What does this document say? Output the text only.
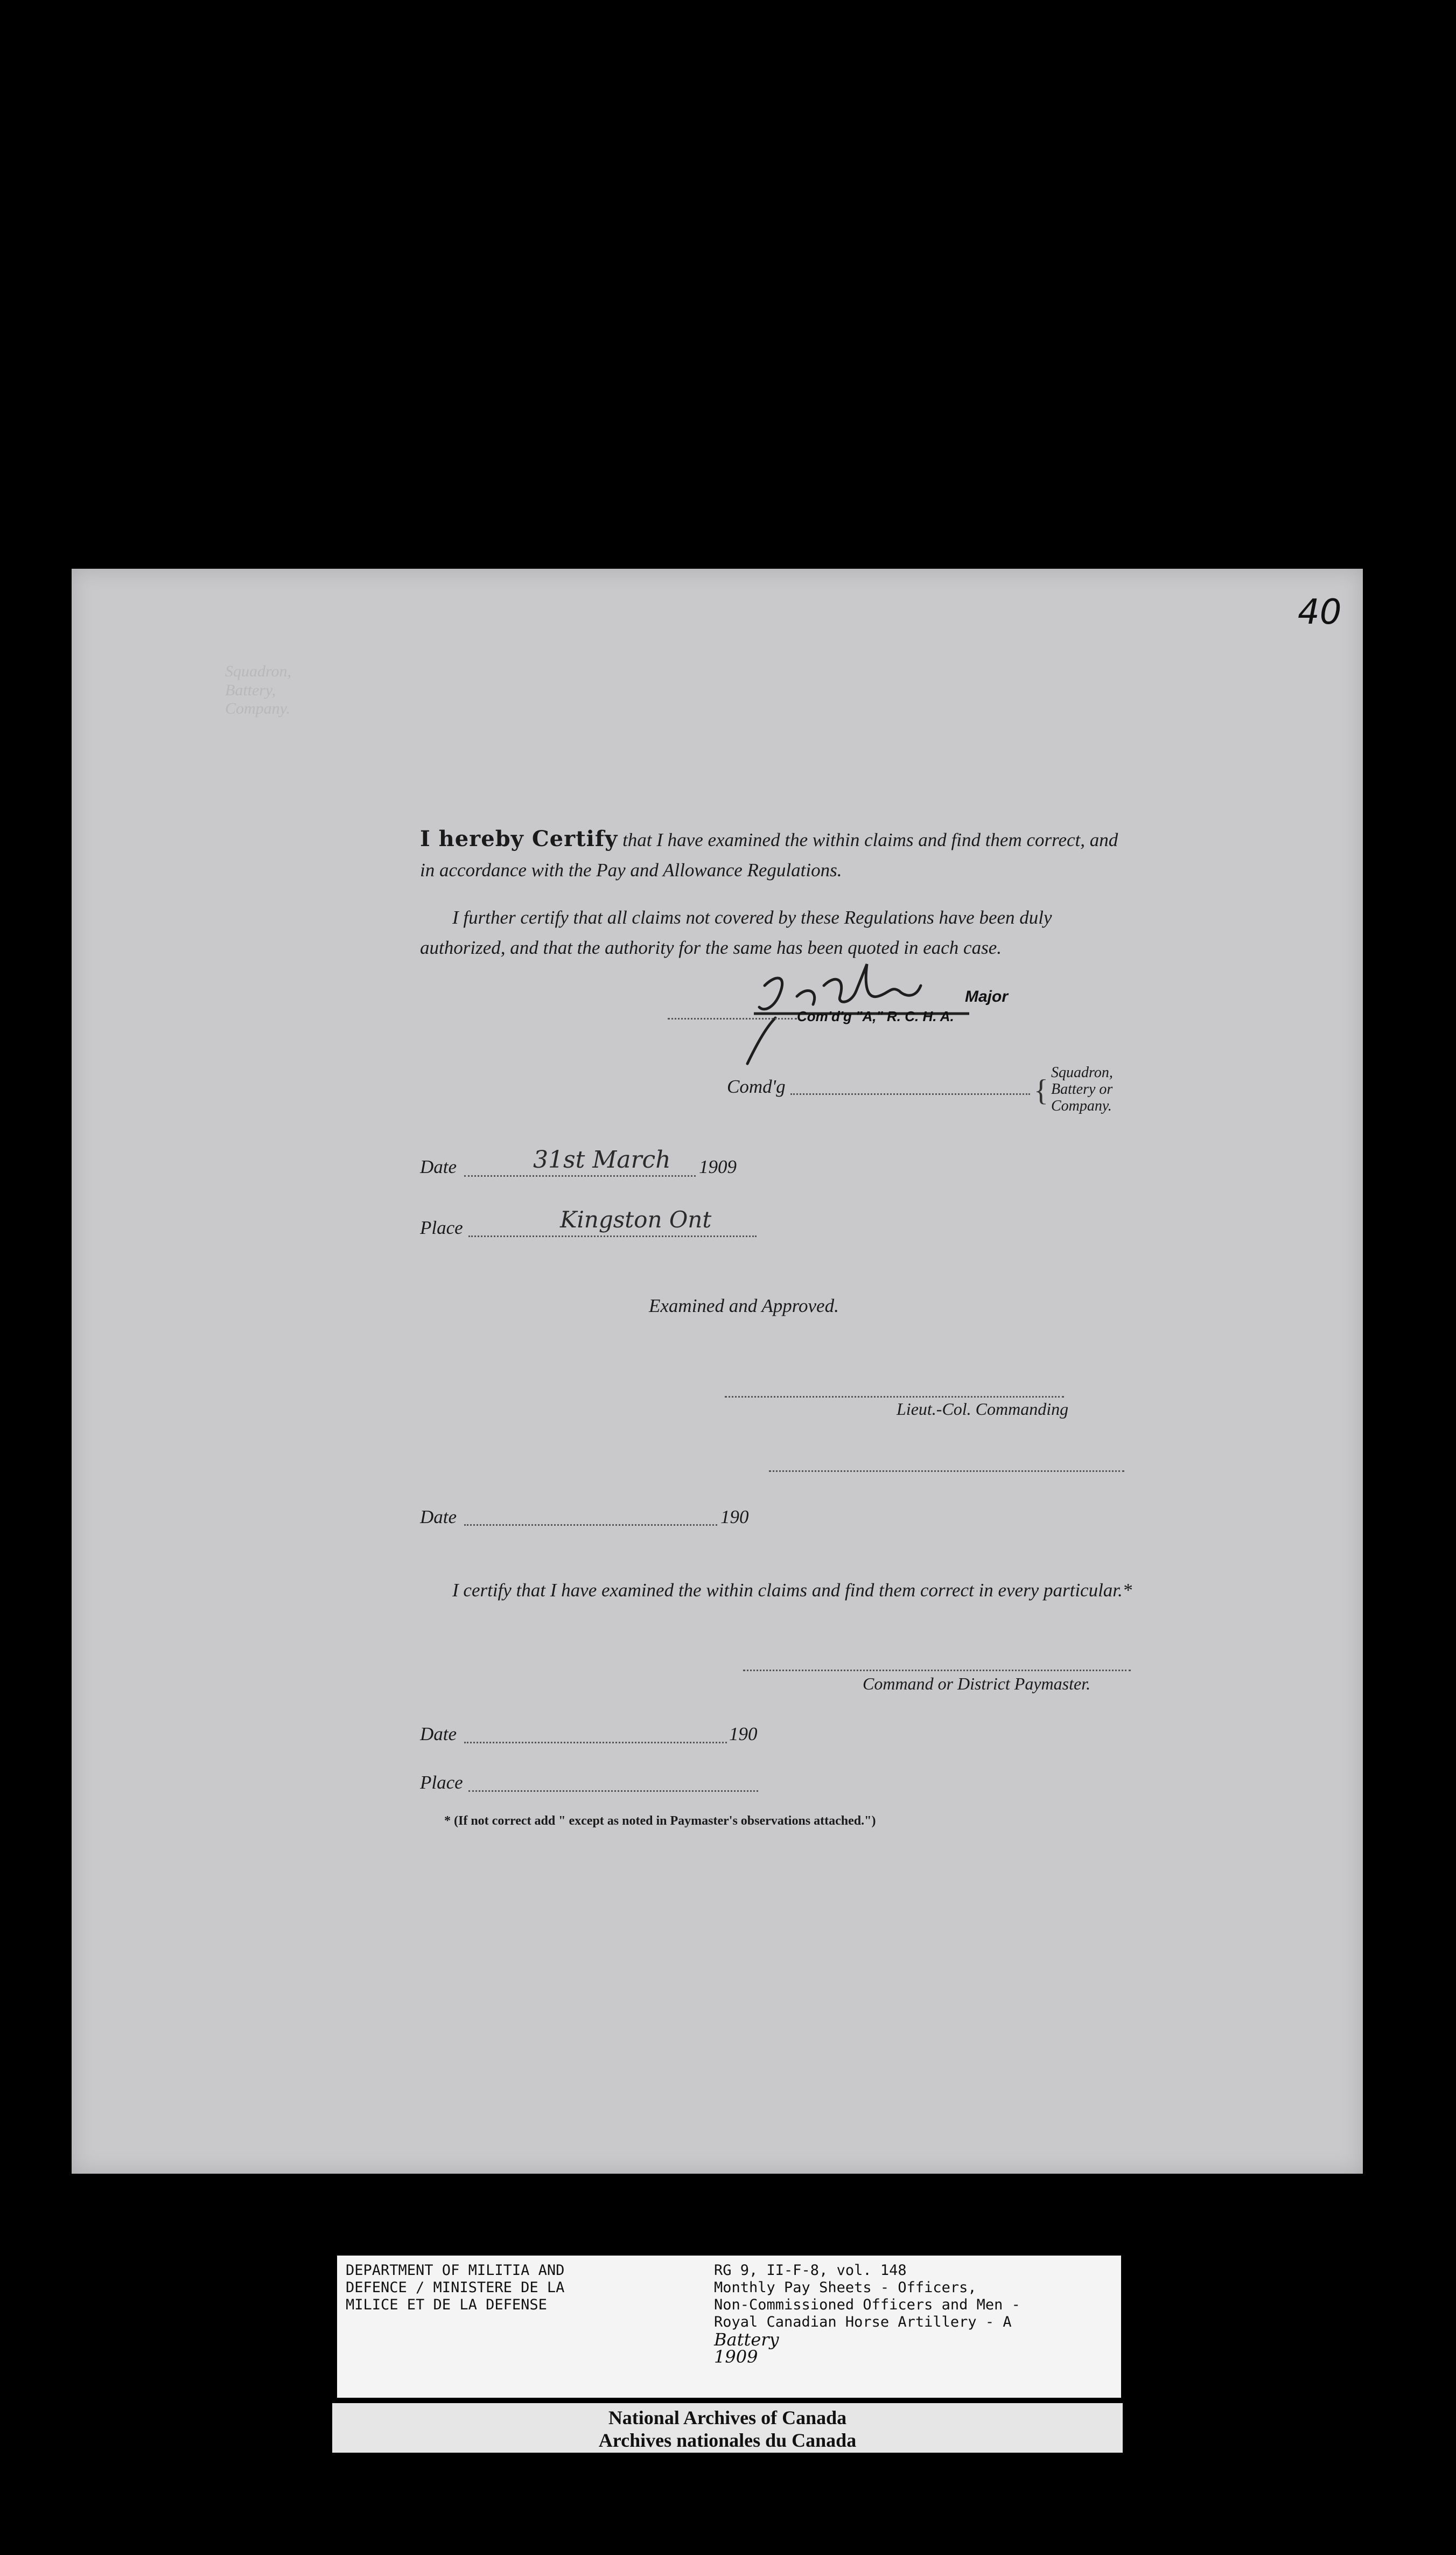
40
Squadron,
Battery,
Company.
I hereby Certify that I have examined the within claims and find them correct, and in accordance with the Pay and Allowance Regulations.
I further certify that all claims not covered by these Regulations have been duly authorized, and that the authority for the same has been quoted in each case.
Major
Com'd'g "A," R. C. H. A.
Comd'g	{
Squadron,
Battery or
Company.
Date	31st March 1909
Place	Kingston Ont
Examined and Approved.
Lieut.-Col. Commanding
Date	190
I certify that I have examined the within claims and find them correct in every particular.*
Command or District Paymaster.
Date	190
Place
* (If not correct add " except as noted in Paymaster's observations attached.")
DEPARTMENT OF MILITIA AND
DEFENCE / MINISTERE DE LA
MILICE ET DE LA DEFENSE
RG 9, II-F-8, vol. 148
Monthly Pay Sheets - Officers,
Non-Commissioned Officers and Men -
Royal Canadian Horse Artillery - A
Battery
1909
National Archives of Canada
Archives nationales du Canada
